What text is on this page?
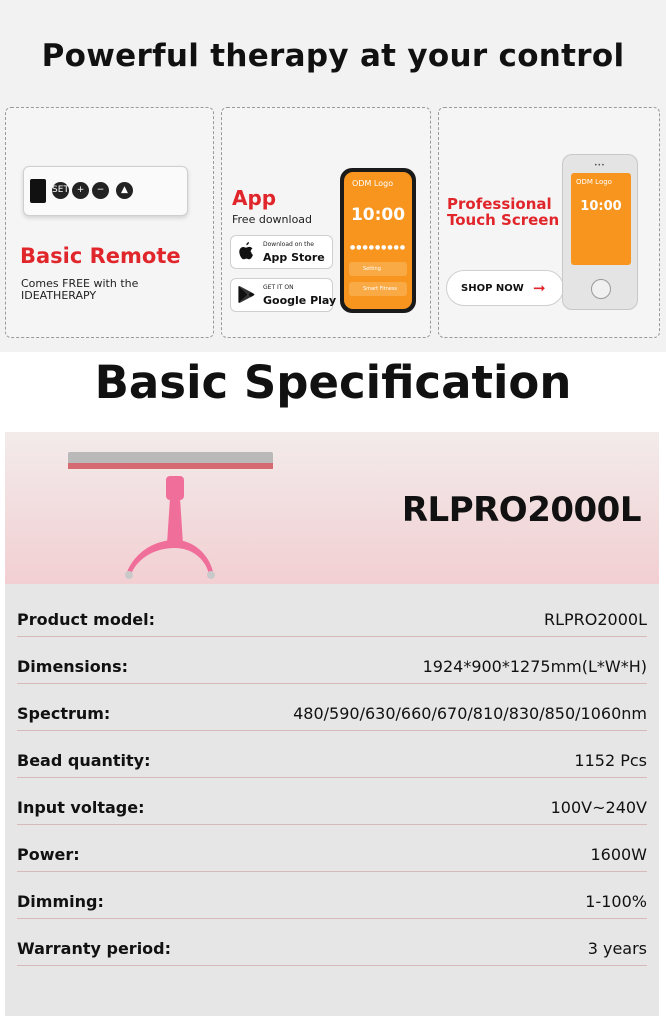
Powerful therapy at your control
SET +	−	▲
Basic Remote
Comes FREE with the IDEATHERAPY
App
Free download
Download on the
App Store
GET IT ON
Google Play
ODM Logo
10:00
●●●●●●●●●
Setting
Smart Fitness
Professional Touch Screen
SHOP NOW ➞
•••
ODM Logo
10:00
Basic Specification
RLPRO2000L
Product model:	RLPRO2000L
Dimensions:	1924*900*1275mm(L*W*H)
Spectrum:	480/590/630/660/670/810/830/850/1060nm
Bead quantity:	1152 Pcs
Input voltage:	100V~240V
Power:	1600W
Dimming:	1-100%
Warranty period:	3 years
